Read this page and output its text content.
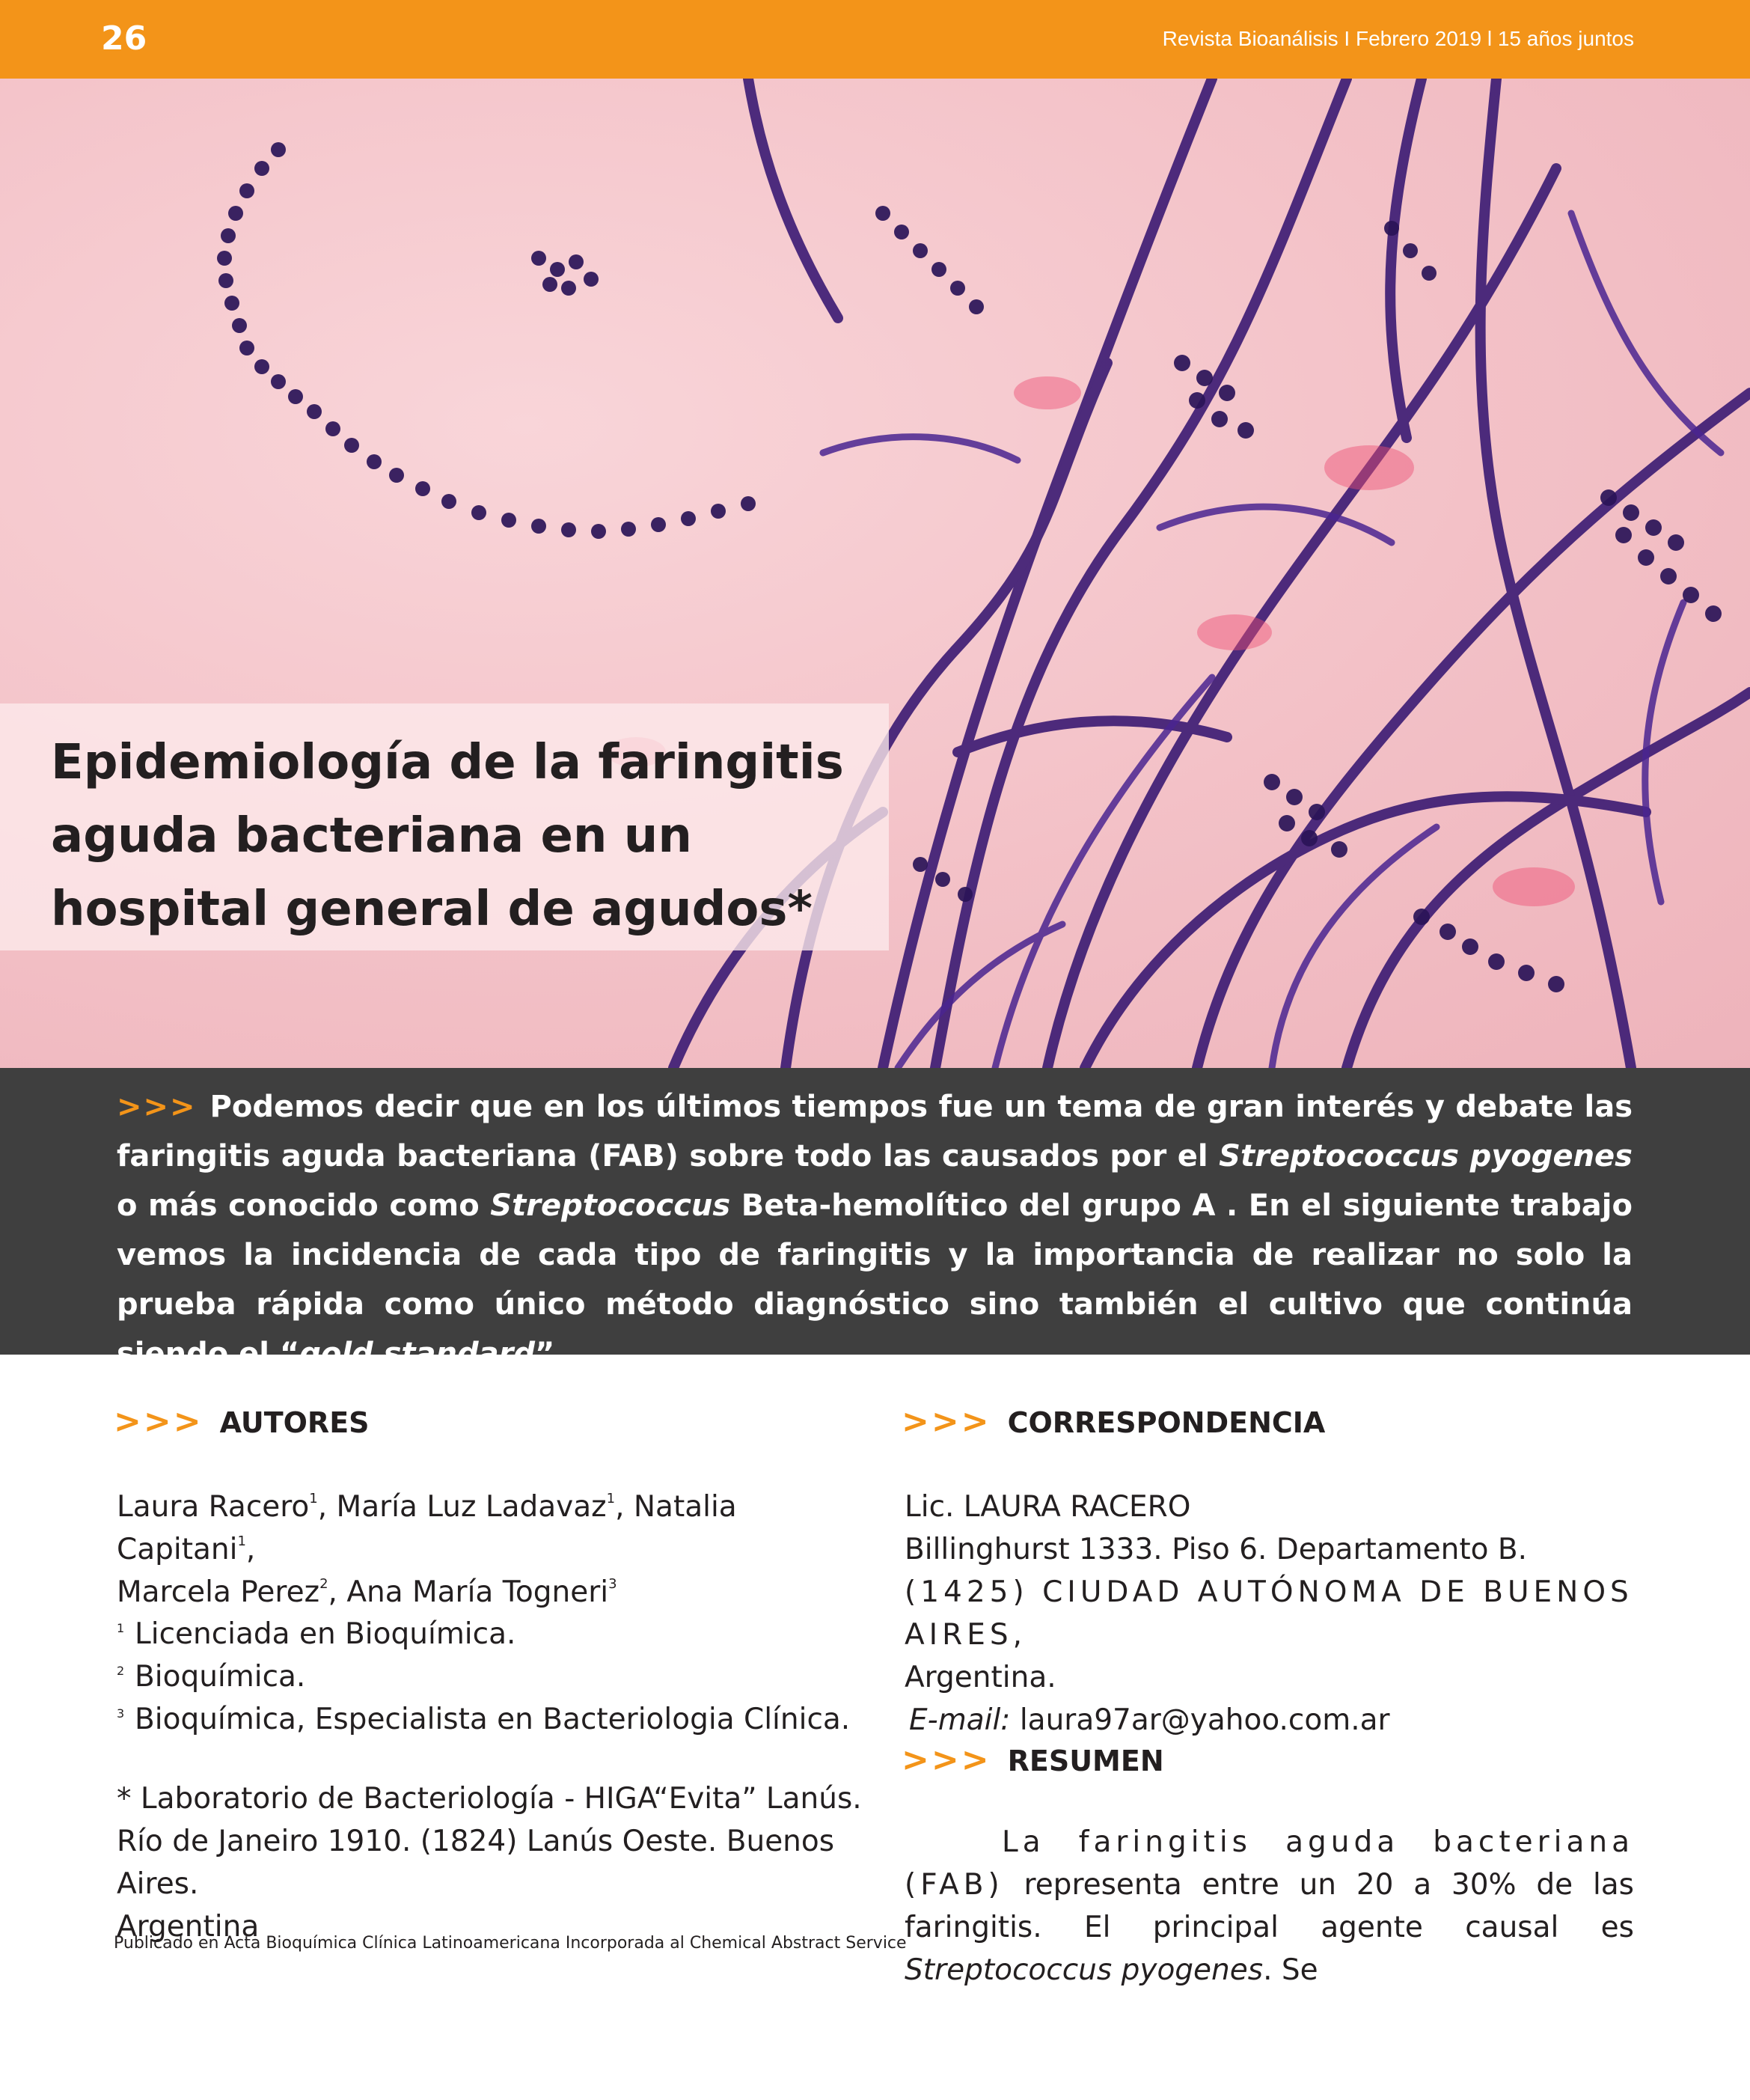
26	Revista Bioanálisis I Febrero 2019 l 15 años juntos
Epidemiología de la faringitis aguda bacteriana en un hospital general de agudos*

>>> Podemos decir que en los últimos tiempos fue un tema de gran interés y debate las faringitis aguda bacteriana (FAB) sobre todo las causados por el Streptococcus pyogenes o más conocido como Streptococcus Beta-hemolítico del grupo A . En el siguiente trabajo vemos la incidencia de cada tipo de faringitis y la importancia de realizar no solo la prueba rápida como único método diagnóstico sino también el cultivo que continúa siendo el “gold standard”.

>>> AUTORES

Laura Racero$^1$, María Luz Ladavaz$^1$, Natalia Capitani$^1$,
Marcela Perez$^2$, Ana María Togneri$^3$

1 Licenciada en Bioquímica.
2 Bioquímica.
3 Bioquímica, Especialista en Bacteriologia Clínica.

* Laboratorio de Bacteriología - HIGA“Evita” Lanús.
Río de Janeiro 1910. (1824) Lanús Oeste. Buenos Aires.
Argentina

Publicado en Acta Bioquímica Clínica Latinoamericana Incorporada al Chemical Abstract Service

>>> CORRESPONDENCIA

Lic. LAURA RACERO
Billinghurst 1333. Piso 6. Departamento B.
(1425) CIUDAD AUTÓNOMA DE BUENOS AIRES,
Argentina.
E-mail: laura97ar@yahoo.com.ar

>>> RESUMEN

La faringitis aguda bacteriana (FAB) representa entre un 20 a 30% de las faringitis. El principal agente causal es Streptococcus pyogenes. Se
